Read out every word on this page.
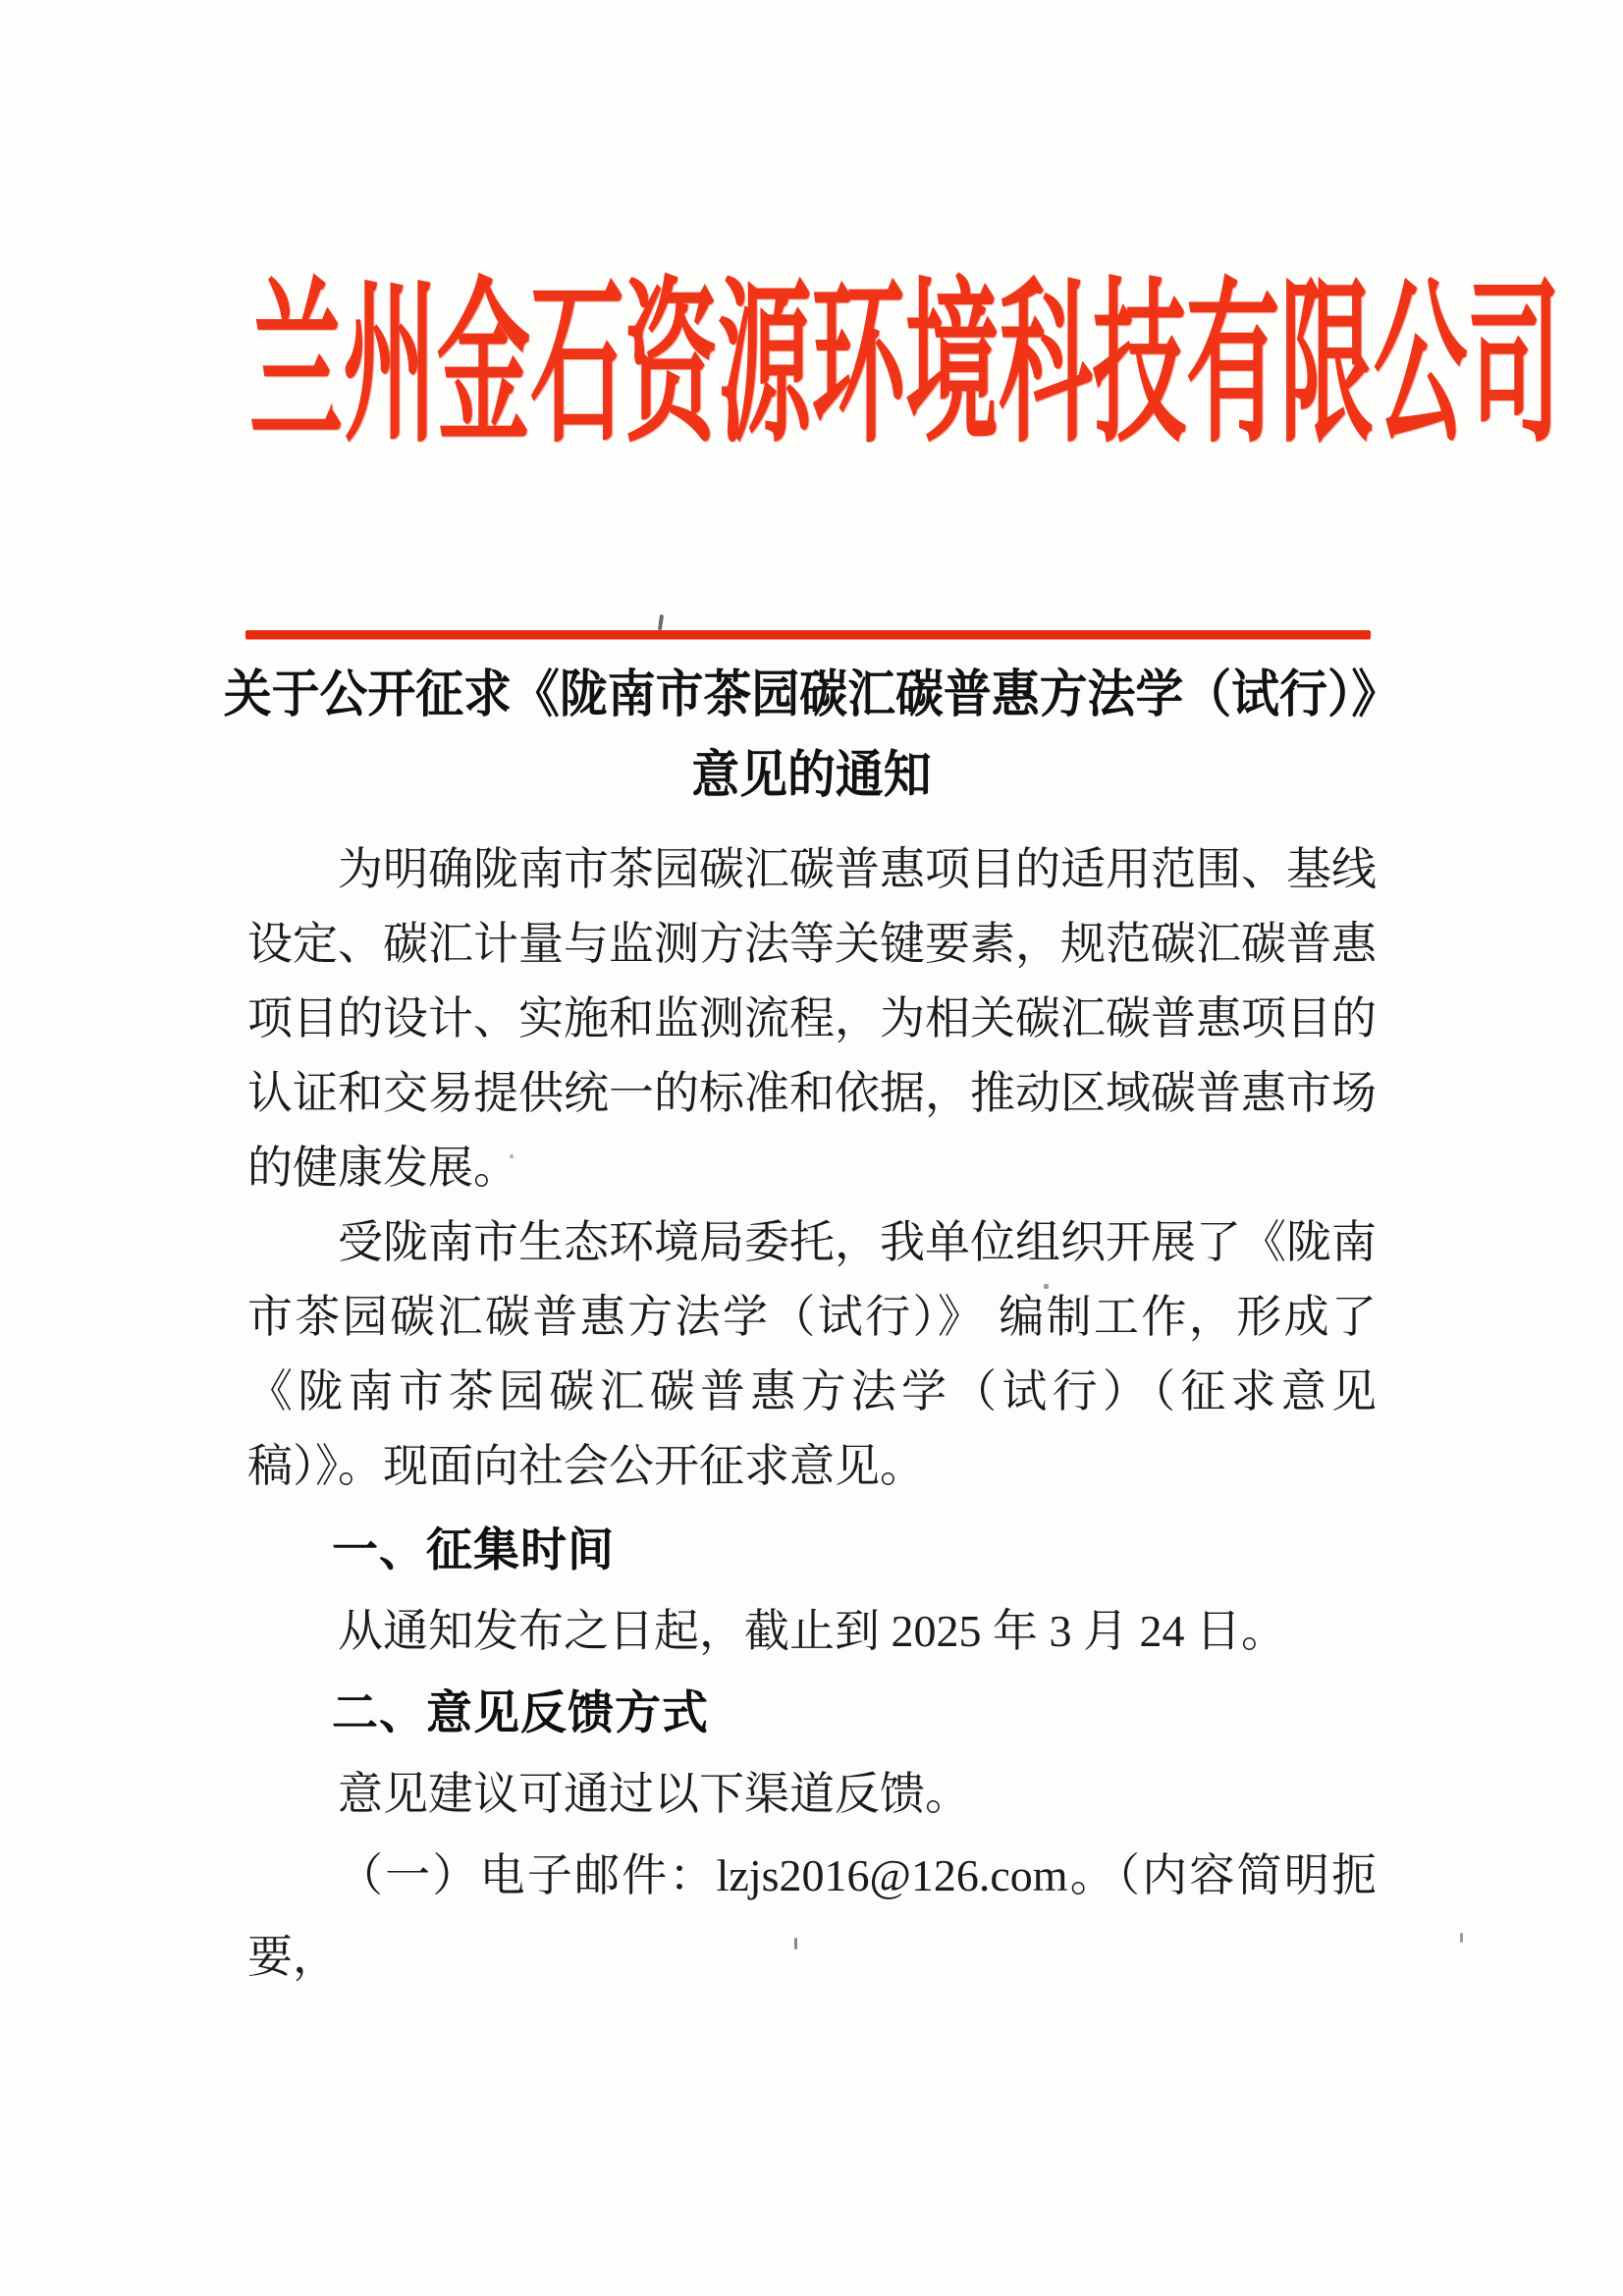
兰州金石资源环境科技有限公司
关于公开征求《陇南市茶园碳汇碳普惠方法学（试行）》
意见的通知

为明确陇南市茶园碳汇碳普惠项目的适用范围、基线设定、碳汇计量与监测方法等关键要素，规范碳汇碳普惠项目的设计、实施和监测流程，为相关碳汇碳普惠项目的认证和交易提供统一的标准和依据，推动区域碳普惠市场的健康发展。

受陇南市生态环境局委托，我单位组织开展了《陇南市茶园碳汇碳普惠方法学（试行）》 编制工作，形成了《陇南市茶园碳汇碳普惠方法学（试行）（征求意见稿）》。现面向社会公开征求意见。

一、征集时间

从通知发布之日起，截止到 2025 年 3 月 24 日。

二、意见反馈方式

意见建议可通过以下渠道反馈。

（一）电子邮件：lzjs2016@126.com。（内容简明扼要，
